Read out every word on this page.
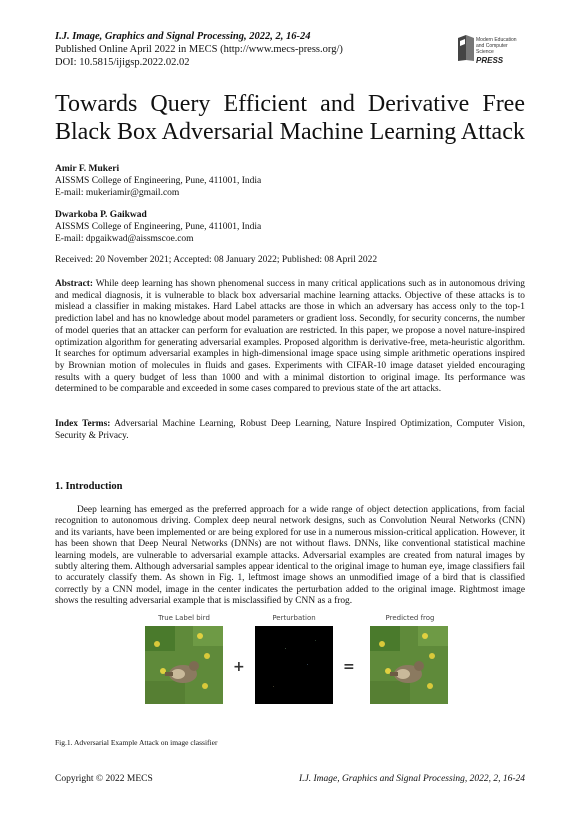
I.J. Image, Graphics and Signal Processing, 2022, 2, 16-24
Published Online April 2022 in MECS (http://www.mecs-press.org/)
DOI: 10.5815/ijigsp.2022.02.02
Modern Education and Computer Science
PRESS
Towards Query Efficient and Derivative Free Black Box Adversarial Machine Learning Attack
Amir F. Mukeri
AISSMS College of Engineering, Pune, 411001, India
E-mail: mukeriamir@gmail.com
Dwarkoba P. Gaikwad
AISSMS College of Engineering, Pune, 411001, India
E-mail: dpgaikwad@aissmscoe.com
Received: 20 November 2021; Accepted: 08 January 2022; Published: 08 April 2022
Abstract: While deep learning has shown phenomenal success in many critical applications such as in autonomous driving and medical diagnosis, it is vulnerable to black box adversarial machine learning attacks. Objective of these attacks is to mislead a classifier in making mistakes. Hard Label attacks are those in which an adversary has access only to the top-1 prediction label and has no knowledge about model parameters or gradient loss. Secondly, for security concerns, the number of model queries that an attacker can perform for evaluation are restricted. In this paper, we propose a novel nature-inspired optimization algorithm for generating adversarial examples. Proposed algorithm is derivative-free, meta-heuristic algorithm. It searches for optimum adversarial examples in high-dimensional image space using simple arithmetic operations inspired by Brownian motion of molecules in fluids and gases. Experiments with CIFAR-10 image dataset yielded encouraging results with a query budget of less than 1000 and with a minimal distortion to original image. Its performance was determined to be comparable and exceeded in some cases compared to previous state of the art attacks.
Index Terms: Adversarial Machine Learning, Robust Deep Learning, Nature Inspired Optimization, Computer Vision, Security & Privacy.
1. Introduction
Deep learning has emerged as the preferred approach for a wide range of object detection applications, from facial recognition to autonomous driving. Complex deep neural network designs, such as Convolution Neural Networks (CNN) and its variants, have been implemented or are being explored for use in a numerous mission-critical application. However, it has been shown that Deep Neural Networks (DNNs) are not without flaws. DNNs, like conventional statistical machine learning models, are vulnerable to adversarial example attacks. Adversarial examples are created from natural images by subtly altering them. Although adversarial samples appear identical to the original image to human eye, image classifiers fail to accurately classify them. As shown in Fig. 1, leftmost image shows an unmodified image of a bird that is classified correctly by a CNN model, image in the center indicates the perturbation added to the original image. Rightmost image shows the resulting adversarial example that is misclassified by CNN as a frog.
True Label bird	Perturbation	Predicted frog
+	=
Fig.1. Adversarial Example Attack on image classifier
Copyright © 2022 MECS	I.J. Image, Graphics and Signal Processing, 2022, 2, 16-24
